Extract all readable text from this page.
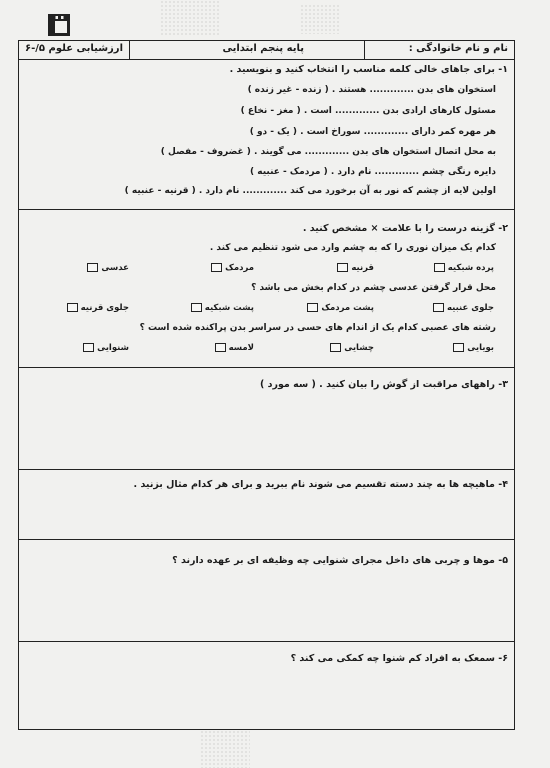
نام و نام خانوادگی :
پایه پنجم ابتدایی
ارزشیابی علوم ۵/-۶
۱- برای جاهای خالی کلمه مناسب را انتخاب کنید و بنویسید .
استخوان های بدن ............. هستند . ( زنده - غیر زنده )
مسئول کارهای ارادی بدن ............. است . ( مغز - نخاع )
هر مهره کمر دارای ............. سوراخ است . ( یک - دو )
به محل اتصال استخوان های بدن ............. می گویند . ( غضروف - مفصل )
دایره رنگی چشم ............. نام دارد . ( مردمک - عنبیه )
اولین لایه از چشم که نور به آن برخورد می کند ............. نام دارد . ( قرنیه - عنبیه )
۲- گزینه درست را با علامت × مشخص کنید .
کدام یک میزان نوری را که به چشم وارد می شود تنظیم می کند .
پرده شبکیه
قرنیه
مردمک
عدسی
محل قرار گرفتن عدسی چشم در کدام بخش می باشد ؟
جلوی عنبیه
پشت مردمک
پشت شبکیه
جلوی قرنیه
رشته های عصبی کدام یک از اندام های حسی در سراسر بدن پراکنده شده است ؟
بویایی
چشایی
لامسه
شنوایی
۳- راههای مراقبت از گوش را بیان کنید . ( سه مورد )
۴- ماهیچه ها به چند دسته تقسیم می شوند نام ببرید و برای هر کدام مثال بزنید .
۵- موها و چربی های داخل مجرای شنوایی چه وظیفه ای بر عهده دارند ؟
۶- سمعک به افراد کم شنوا چه کمکی می کند ؟
